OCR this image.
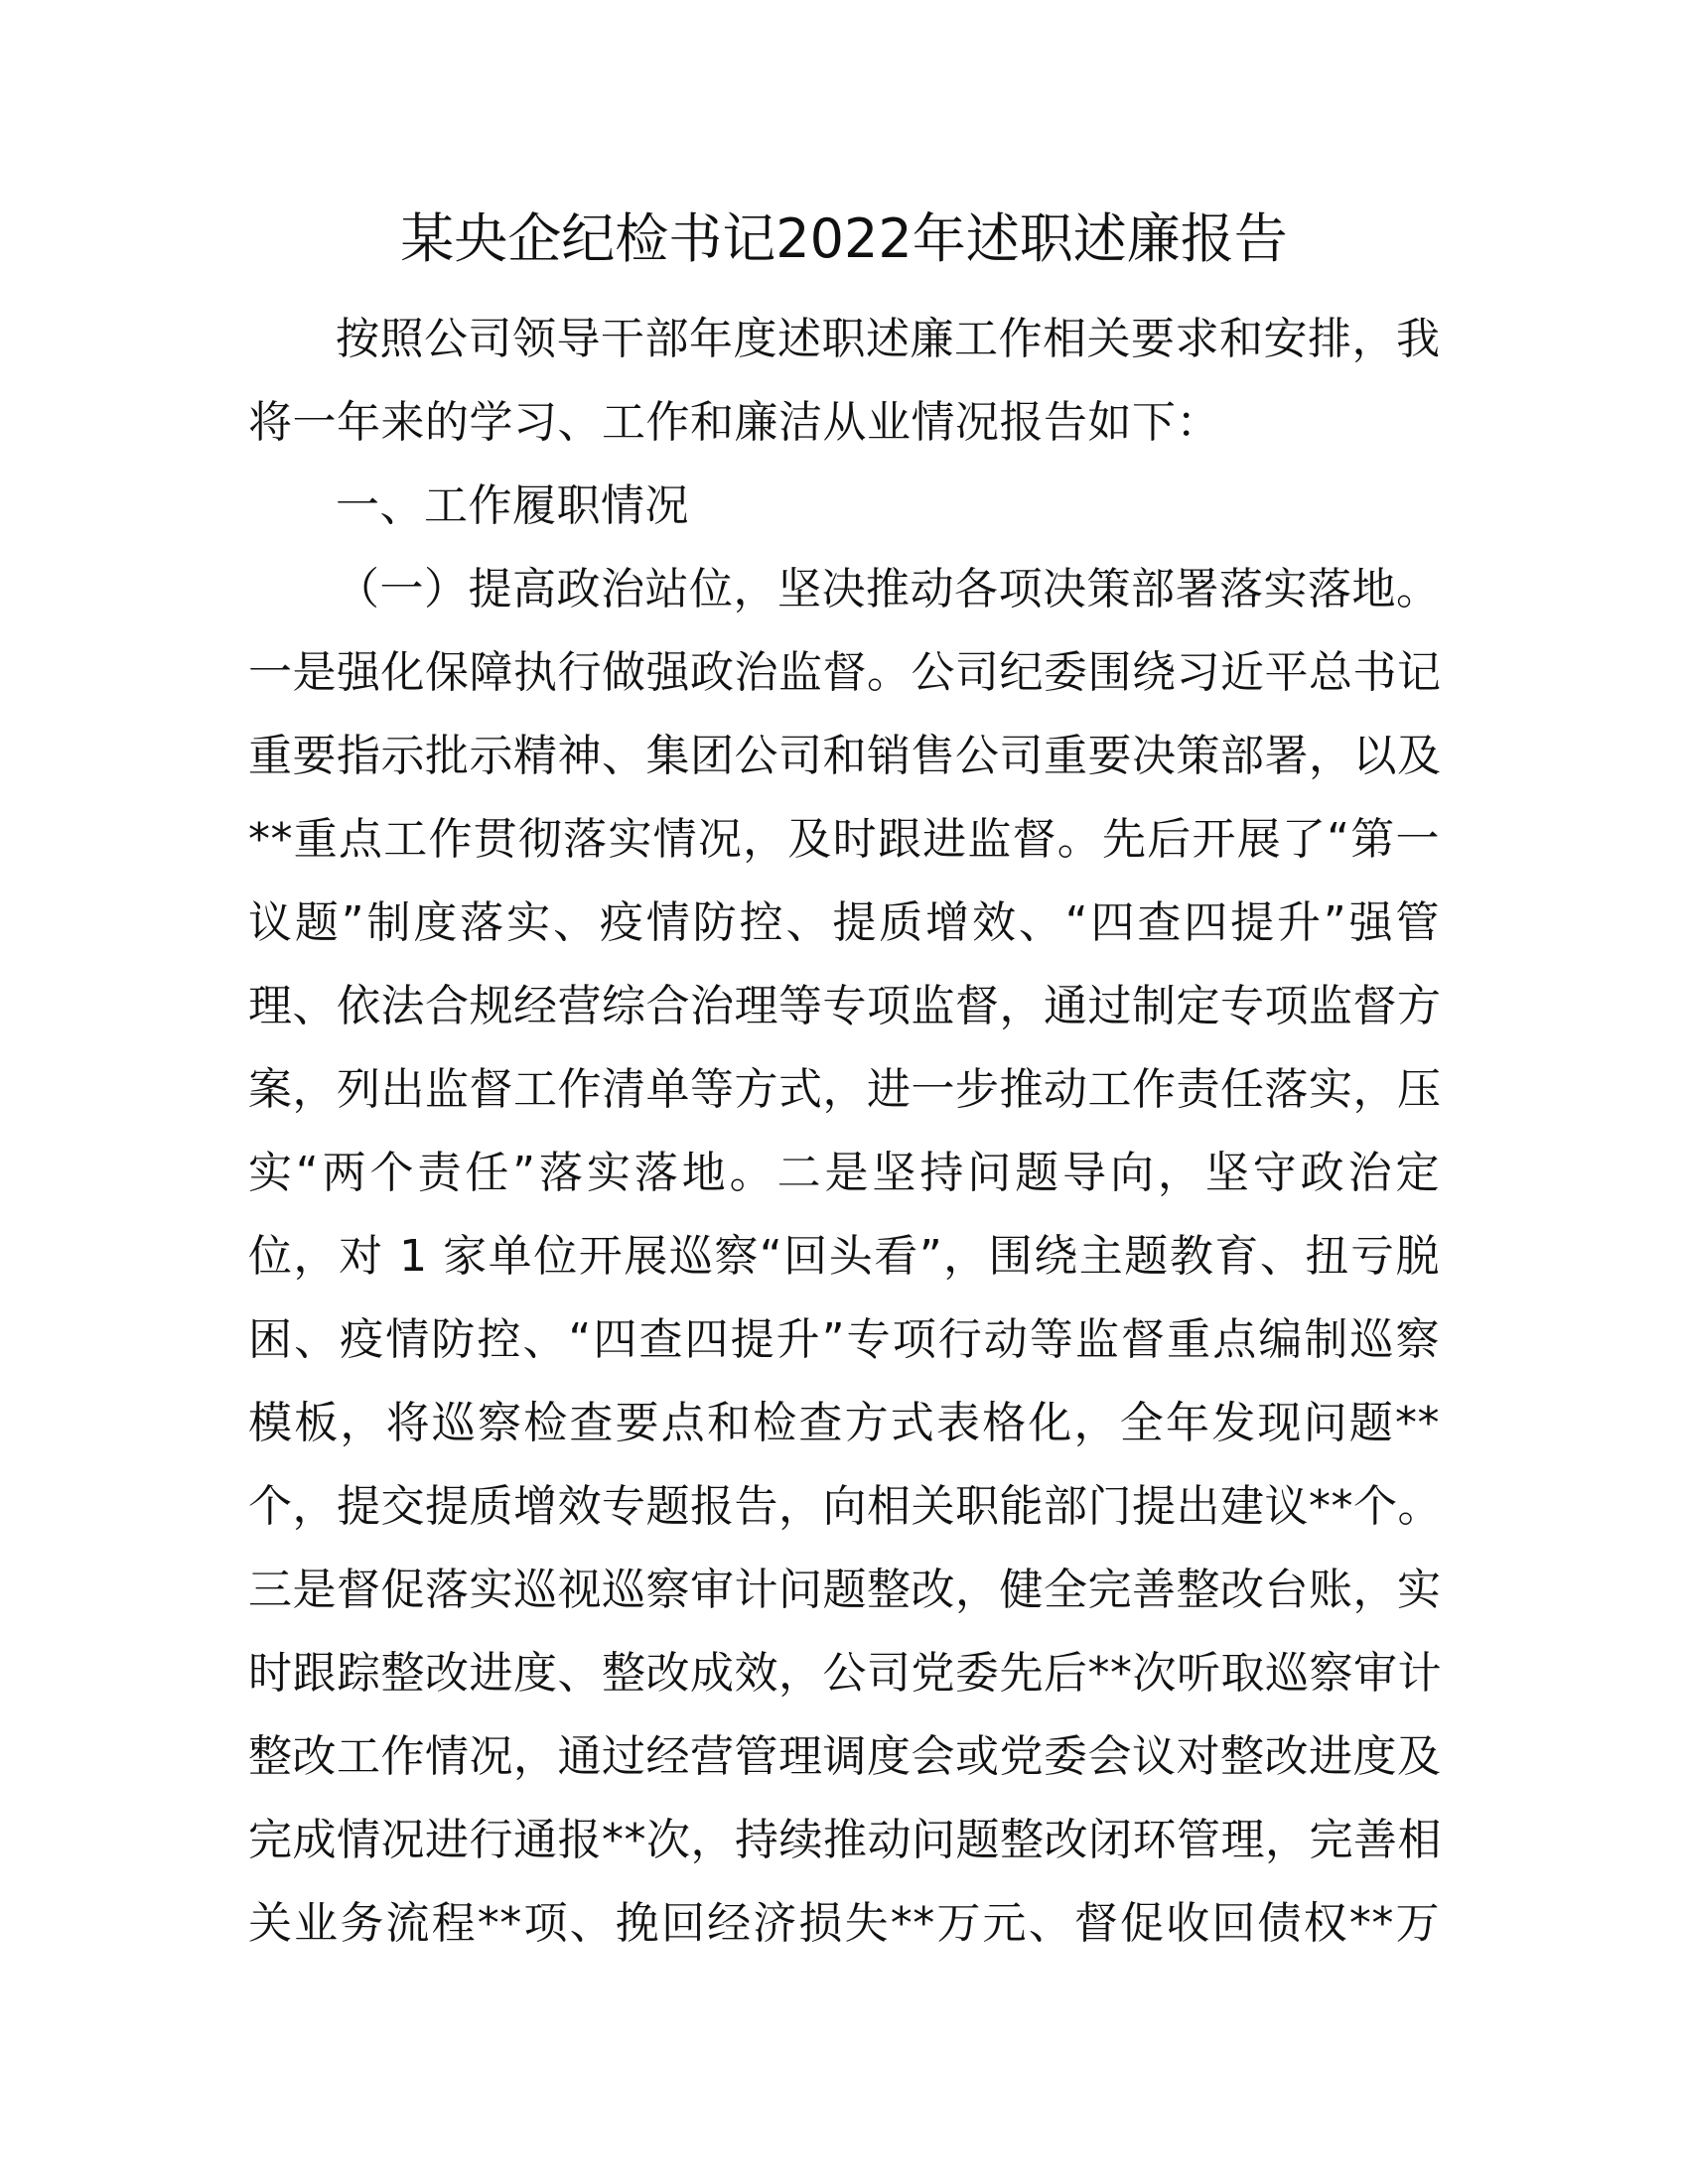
某央企纪检书记2022年述职述廉报告
按照公司领导干部年度述职述廉工作相关要求和安排，我
将一年来的学习、工作和廉洁从业情况报告如下：
一、工作履职情况
（一）提高政治站位，坚决推动各项决策部署落实落地。
一是强化保障执行做强政治监督。公司纪委围绕习近平总书记
重要指示批示精神、集团公司和销售公司重要决策部署，以及
**重点工作贯彻落实情况，及时跟进监督。先后开展了“第一
议题”制度落实、疫情防控、提质增效、“四查四提升”强管
理、依法合规经营综合治理等专项监督，通过制定专项监督方
案，列出监督工作清单等方式，进一步推动工作责任落实，压
实“两个责任”落实落地。二是坚持问题导向，坚守政治定
位，对 1 家单位开展巡察“回头看”，围绕主题教育、扭亏脱
困、疫情防控、“四查四提升”专项行动等监督重点编制巡察
模板，将巡察检查要点和检查方式表格化，全年发现问题**
个，提交提质增效专题报告，向相关职能部门提出建议**个。
三是督促落实巡视巡察审计问题整改，健全完善整改台账，实
时跟踪整改进度、整改成效，公司党委先后**次听取巡察审计
整改工作情况，通过经营管理调度会或党委会议对整改进度及
完成情况进行通报**次，持续推动问题整改闭环管理，完善相
关业务流程**项、挽回经济损失**万元、督促收回债权**万
